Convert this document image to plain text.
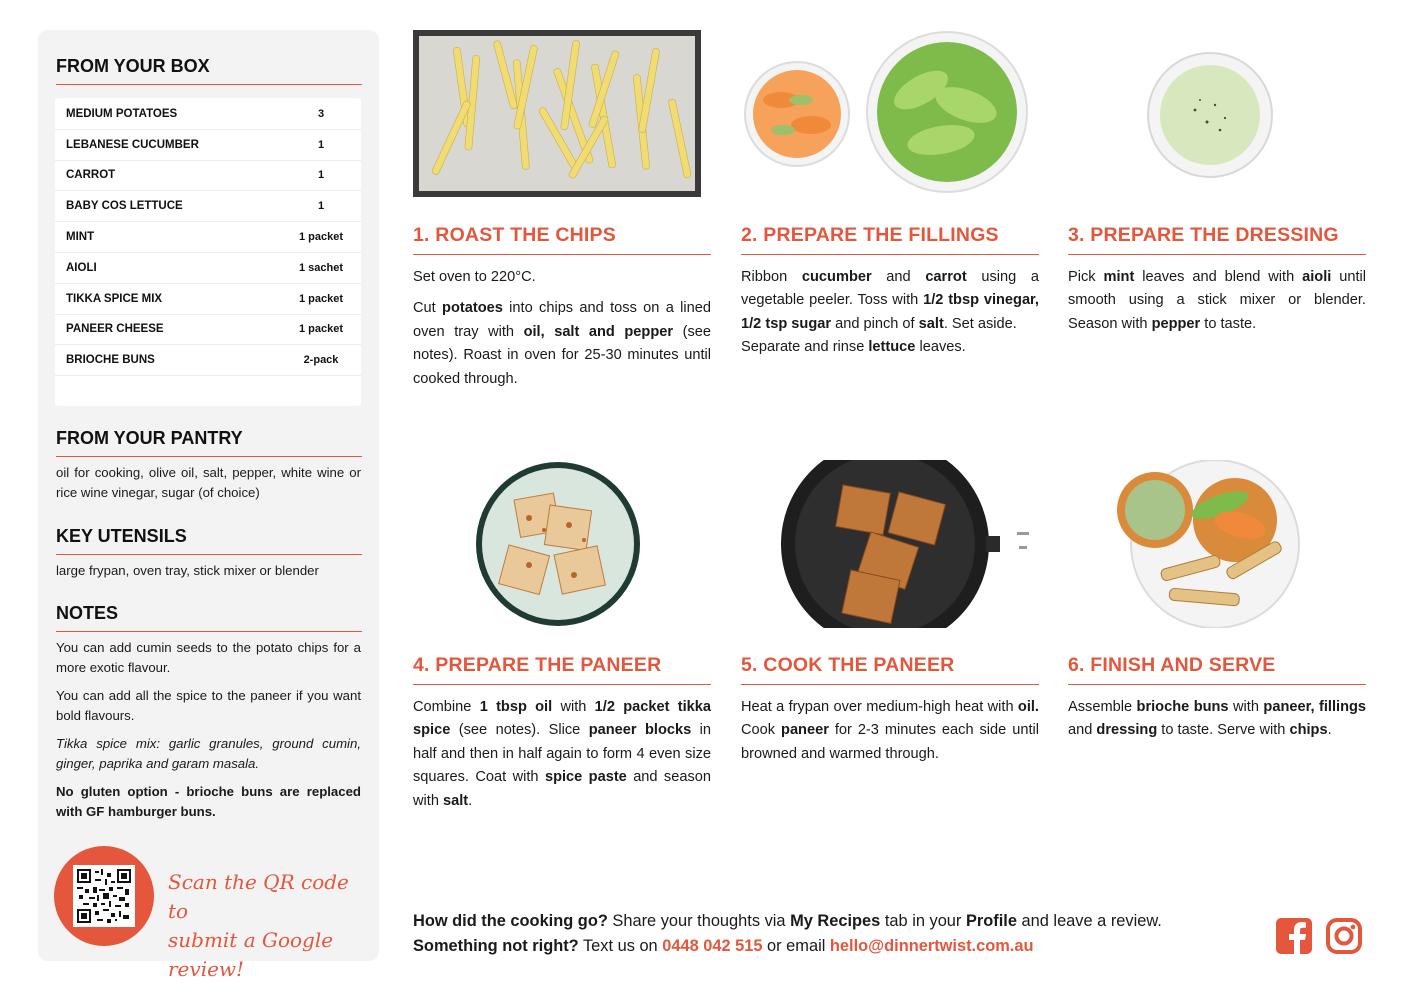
FROM YOUR BOX
MEDIUM POTATOES	3
LEBANESE CUCUMBER	1
CARROT	1
BABY COS LETTUCE	1
MINT	1 packet
AIOLI	1 sachet
TIKKA SPICE MIX	1 packet
PANEER CHEESE	1 packet
BRIOCHE BUNS	2-pack
FROM YOUR PANTRY
oil for cooking, olive oil, salt, pepper, white wine or rice wine vinegar, sugar (of choice)
KEY UTENSILS
large frypan, oven tray, stick mixer or blender
NOTES

You can add cumin seeds to the potato chips for a more exotic flavour.

You can add all the spice to the paneer if you want bold flavours.

Tikka spice mix: garlic granules, ground cumin, ginger, paprika and garam masala.

No gluten option - brioche buns are replaced with GF hamburger buns.

Scan the QR code to
submit a Google review!
1. ROAST THE CHIPS

Set oven to 220°C.

Cut potatoes into chips and toss on a lined oven tray with oil, salt and pepper (see notes). Roast in oven for 25-30 minutes until cooked through.

2. PREPARE THE FILLINGS

Ribbon cucumber and carrot using a vegetable peeler. Toss with 1/2 tbsp vinegar, 1/2 tsp sugar and pinch of salt. Set aside.

Separate and rinse lettuce leaves.

3. PREPARE THE DRESSING

Pick mint leaves and blend with aioli until smooth using a stick mixer or blender. Season with pepper to taste.

4. PREPARE THE PANEER

Combine 1 tbsp oil with 1/2 packet tikka spice (see notes). Slice paneer blocks in half and then in half again to form 4 even size squares. Coat with spice paste and season with salt.

5. COOK THE PANEER

Heat a frypan over medium-high heat with oil. Cook paneer for 2-3 minutes each side until browned and warmed through.

6. FINISH AND SERVE

Assemble brioche buns with paneer, fillings and dressing to taste. Serve with chips.

How did the cooking go? Share your thoughts via My Recipes tab in your Profile and leave a review.
Something not right? Text us on 0448 042 515 or email hello@dinnertwist.com.au
